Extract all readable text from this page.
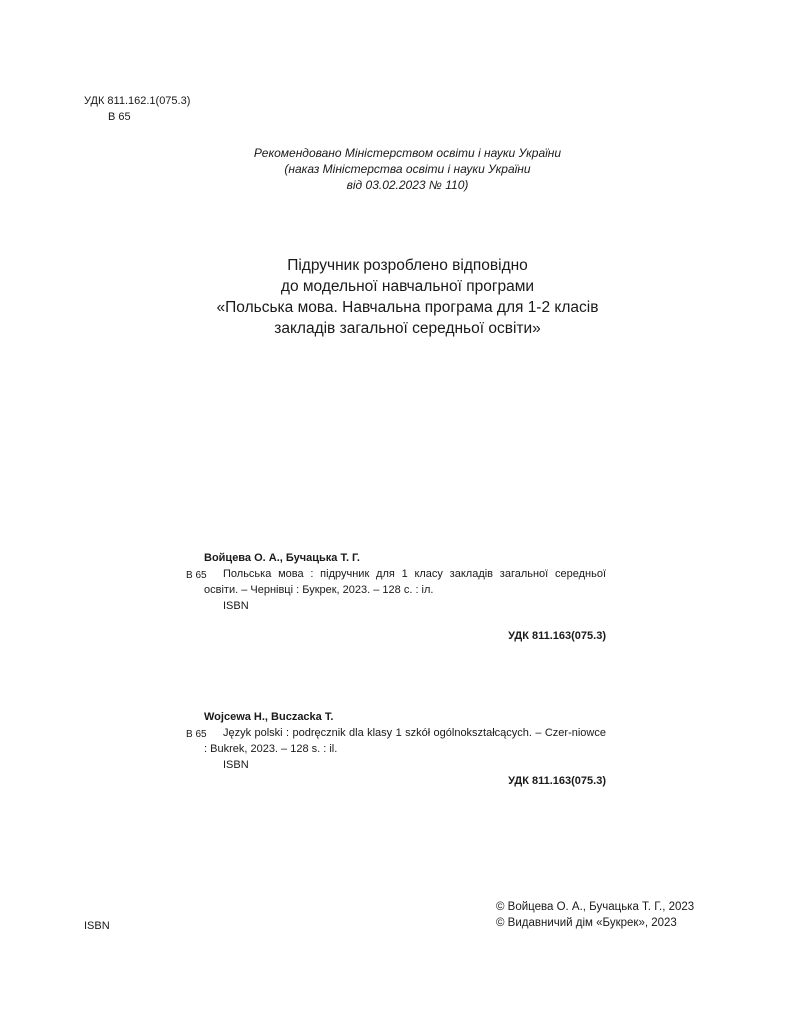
УДК 811.162.1(075.3)
В 65
Рекомендовано Міністерством освіти і науки України
(наказ Міністерства освіти і науки України
від 03.02.2023 № 110)
Підручник розроблено відповідно
до модельної навчальної програми
«Польська мова. Навчальна програма для 1-2 класів
закладів загальної середньої освіти»
Войцева О. А., Бучацька Т. Г.
В 65	Польська мова : підручник для 1 класу закладів загальної середньої освіти. – Чернівці : Букрек, 2023. – 128 с. : іл.
ISBN
УДК 811.163(075.3)
Wojcewa H., Buczacka T.
В 65	Język polski : podręcznik dla klasy 1 szkół ogólnokształcących. – Czer-niowce : Bukrek, 2023. – 128 s. : il.
ISBN
УДК 811.163(075.3)
ISBN
© Войцева О. А., Бучацька Т. Г., 2023
© Видавничий дім «Букрек», 2023
